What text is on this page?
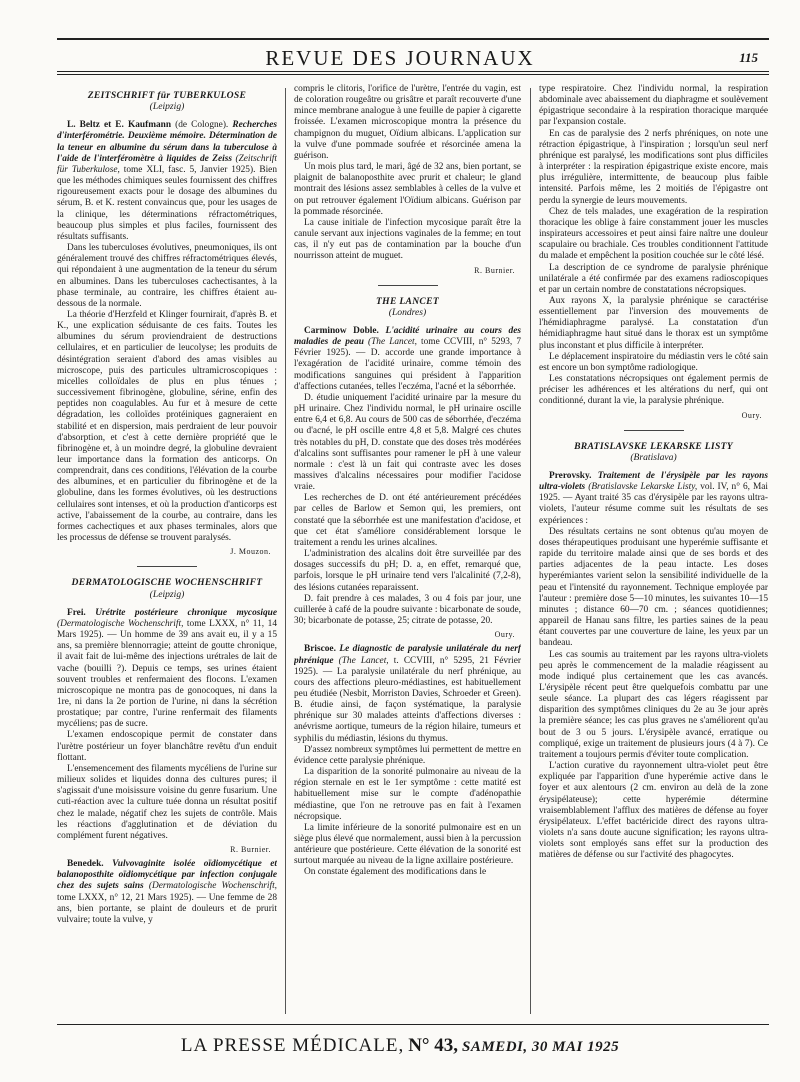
REVUE DES JOURNAUX	115
ZEITSCHRIFT für TUBERKULOSE
(Leipzig)

L. Beltz et E. Kaufmann (de Cologne). Recherches d'interférométrie. Deuxième mémoire. Détermination de la teneur en albumine du sérum dans la tuberculose à l'aide de l'interféromètre à liquides de Zeiss (Zeitschrift für Tuberkulose, tome XLI, fasc. 5, Janvier 1925). Bien que les méthodes chimiques seules fournissent des chiffres rigoureusement exacts pour le dosage des albumines du sérum, B. et K. restent convaincus que, pour les usages de la clinique, les déterminations réfractométriques, beaucoup plus simples et plus faciles, fournissent des résultats suffisants.

Dans les tuberculoses évolutives, pneumoniques, ils ont généralement trouvé des chiffres réfractométriques élevés, qui répondaient à une augmentation de la teneur du sérum en albumines. Dans les tuberculoses cachectisantes, à la phase terminale, au contraire, les chiffres étaient au-dessous de la normale.

La théorie d'Herzfeld et Klinger fournirait, d'après B. et K., une explication séduisante de ces faits. Toutes les albumines du sérum proviendraient de destructions cellulaires, et en particulier de leucolyse; les produits de désintégration seraient d'abord des amas visibles au microscope, puis des particules ultramicroscopiques : micelles colloïdales de plus en plus ténues ; successivement fibrinogène, globuline, sérine, enfin des peptides non coagulables. Au fur et à mesure de cette dégradation, les colloïdes protéiniques gagneraient en stabilité et en dispersion, mais perdraient de leur pouvoir d'absorption, et c'est à cette dernière propriété que le fibrinogène et, à un moindre degré, la globuline devraient leur importance dans la formation des anticorps. On comprendrait, dans ces conditions, l'élévation de la courbe des albumines, et en particulier du fibrinogène et de la globuline, dans les formes évolutives, où les destructions cellulaires sont intenses, et où la production d'anticorps est active, l'abaissement de la courbe, au contraire, dans les formes cachectiques et aux phases terminales, alors que les processus de défense se trouvent paralysés.

J. Mouzon.
DERMATOLOGISCHE WOCHENSCHRIFT
(Leipzig)

Frei. Urétrite postérieure chronique mycosique (Dermatologische Wochenschrift, tome LXXX, n° 11, 14 Mars 1925). — Un homme de 39 ans avait eu, il y a 15 ans, sa première blennorragie; atteint de goutte chronique, il avait fait de lui-même des injections urétrales de lait de vache (bouilli ?). Depuis ce temps, ses urines étaient souvent troubles et renfermaient des flocons. L'examen microscopique ne montra pas de gonocoques, ni dans la 1re, ni dans la 2e portion de l'urine, ni dans la sécrétion prostatique; par contre, l'urine renfermait des filaments mycéliens; pas de sucre.

L'examen endoscopique permit de constater dans l'urètre postérieur un foyer blanchâtre revêtu d'un enduit flottant.

L'ensemencement des filaments mycéliens de l'urine sur milieux solides et liquides donna des cultures pures; il s'agissait d'une moisissure voisine du genre fusarium. Une cuti-réaction avec la culture tuée donna un résultat positif chez le malade, négatif chez les sujets de contrôle. Mais les réactions d'agglutination et de déviation du complément furent négatives.

R. Burnier.

Benedek. Vulvovaginite isolée oïdiomycétique et balanoposthite oïdiomycétique par infection conjugale chez des sujets sains (Dermatologische Wochenschrift, tome LXXX, n° 12, 21 Mars 1925). — Une femme de 28 ans, bien portante, se plaint de douleurs et de prurit vulvaire; toute la vulve, y

compris le clitoris, l'orifice de l'urètre, l'entrée du vagin, est de coloration rougeâtre ou grisâtre et paraît recouverte d'une mince membrane analogue à une feuille de papier à cigarette froissée. L'examen microscopique montra la présence du champignon du muguet, Oïdium albicans. L'application sur la vulve d'une pommade soufrée et résorcinée amena la guérison.

Un mois plus tard, le mari, âgé de 32 ans, bien portant, se plaignit de balanoposthite avec prurit et chaleur; le gland montrait des lésions assez semblables à celles de la vulve et on put retrouver également l'Oïdium albicans. Guérison par la pommade résorcinée.

La cause initiale de l'infection mycosique paraît être la canule servant aux injections vaginales de la femme; en tout cas, il n'y eut pas de contamination par la bouche d'un nourrisson atteint de muguet.

R. Burnier.
THE LANCET
(Londres)

Carminow Doble. L'acidité urinaire au cours des maladies de peau (The Lancet, tome CCVIII, n° 5293, 7 Février 1925). — D. accorde une grande importance à l'exagération de l'acidité urinaire, comme témoin des modifications sanguines qui président à l'apparition d'affections cutanées, telles l'eczéma, l'acné et la séborrhée.

D. étudie uniquement l'acidité urinaire par la mesure du pH urinaire. Chez l'individu normal, le pH urinaire oscille entre 6,4 et 6,8. Au cours de 500 cas de séborrhée, d'eczéma ou d'acné, le pH oscille entre 4,8 et 5,8. Malgré ces chutes très notables du pH, D. constate que des doses très modérées d'alcalins sont suffisantes pour ramener le pH à une valeur normale : c'est là un fait qui contraste avec les doses massives d'alcalins nécessaires pour modifier l'acidose vraie.

Les recherches de D. ont été antérieurement précédées par celles de Barlow et Semon qui, les premiers, ont constaté que la séborrhée est une manifestation d'acidose, et que cet état s'améliore considérablement lorsque le traitement a rendu les urines alcalines.

L'administration des alcalins doit être surveillée par des dosages successifs du pH; D. a, en effet, remarqué que, parfois, lorsque le pH urinaire tend vers l'alcalinité (7,2-8), des lésions cutanées reparaissent.

D. fait prendre à ces malades, 3 ou 4 fois par jour, une cuillerée à café de la poudre suivante : bicarbonate de soude, 30; bicarbonate de potasse, 25; citrate de potasse, 20.

Oury.

Briscoe. Le diagnostic de paralysie unilatérale du nerf phrénique (The Lancet, t. CCVIII, n° 5295, 21 Février 1925). — La paralysie unilatérale du nerf phrénique, au cours des affections pleuro-médiastines, est habituellement peu étudiée (Nesbit, Morriston Davies, Schroeder et Green). B. étudie ainsi, de façon systématique, la paralysie phrénique sur 30 malades atteints d'affections diverses : anévrisme aortique, tumeurs de la région hilaire, tumeurs et syphilis du médiastin, lésions du thymus.

D'assez nombreux symptômes lui permettent de mettre en évidence cette paralysie phrénique.

La disparition de la sonorité pulmonaire au niveau de la région sternale en est le 1er symptôme : cette matité est habituellement mise sur le compte d'adénopathie médiastine, que l'on ne retrouve pas en fait à l'examen nécropsique.

La limite inférieure de la sonorité pulmonaire est en un siège plus élevé que normalement, aussi bien à la percussion antérieure que postérieure. Cette élévation de la sonorité est surtout marquée au niveau de la ligne axillaire postérieure.

On constate également des modifications dans le

type respiratoire. Chez l'individu normal, la respiration abdominale avec abaissement du diaphragme et soulèvement épigastrique secondaire à la respiration thoracique marquée par l'expansion costale.

En cas de paralysie des 2 nerfs phréniques, on note une rétraction épigastrique, à l'inspiration ; lorsqu'un seul nerf phrénique est paralysé, les modifications sont plus difficiles à interpréter : la respiration épigastrique existe encore, mais plus irrégulière, intermittente, de beaucoup plus faible intensité. Parfois même, les 2 moitiés de l'épigastre ont perdu la synergie de leurs mouvements.

Chez de tels malades, une exagération de la respiration thoracique les oblige à faire constamment jouer les muscles inspirateurs accessoires et peut ainsi faire naître une douleur scapulaire ou brachiale. Ces troubles conditionnent l'attitude du malade et empêchent la position couchée sur le côté lésé.

La description de ce syndrome de paralysie phrénique unilatérale a été confirmée par des examens radioscopiques et par un certain nombre de constatations nécropsiques.

Aux rayons X, la paralysie phrénique se caractérise essentiellement par l'inversion des mouvements de l'hémidiaphragme paralysé. La constatation d'un hémidiaphragme haut situé dans le thorax est un symptôme plus inconstant et plus difficile à interpréter.

Le déplacement inspiratoire du médiastin vers le côté sain est encore un bon symptôme radiologique.

Les constatations nécropsiques ont également permis de préciser les adhérences et les altérations du nerf, qui ont conditionné, durant la vie, la paralysie phrénique.

Oury.
BRATISLAVSKE LEKARSKE LISTY
(Bratislava)

Prerovsky. Traitement de l'érysipèle par les rayons ultra-violets (Bratislavske Lekarske Listy, vol. IV, n° 6, Mai 1925. — Ayant traité 35 cas d'érysipèle par les rayons ultra-violets, l'auteur résume comme suit les résultats de ses expériences :

Des résultats certains ne sont obtenus qu'au moyen de doses thérapeutiques produisant une hyperémie suffisante et rapide du territoire malade ainsi que de ses bords et des parties adjacentes de la peau intacte. Les doses hyperémiantes varient selon la sensibilité individuelle de la peau et l'intensité du rayonnement. Technique employée par l'auteur : première dose 5—10 minutes, les suivantes 10—15 minutes ; distance 60—70 cm. ; séances quotidiennes; appareil de Hanau sans filtre, les parties saines de la peau étant couvertes par une couverture de laine, les yeux par un bandeau.

Les cas soumis au traitement par les rayons ultra-violets peu après le commencement de la maladie réagissent au mode indiqué plus certainement que les cas avancés. L'érysipèle récent peut être quelquefois combattu par une seule séance. La plupart des cas légers réagissent par disparition des symptômes cliniques du 2e au 3e jour après la première séance; les cas plus graves ne s'améliorent qu'au bout de 3 ou 5 jours. L'érysipèle avancé, erratique ou compliqué, exige un traitement de plusieurs jours (4 à 7). Ce traitement a toujours permis d'éviter toute complication.

L'action curative du rayonnement ultra-violet peut être expliquée par l'apparition d'une hyperémie active dans le foyer et aux alentours (2 cm. environ au delà de la zone érysipélateuse); cette hyperémie détermine vraisemblablement l'afflux des matières de défense au foyer érysipélateux. L'effet bactéricide direct des rayons ultra-violets n'a sans doute aucune signification; les rayons ultra-violets sont employés sans effet sur la production des matières de défense ou sur l'activité des phagocytes.

LA PRESSE MÉDICALE, N° 43, SAMEDI, 30 MAI 1925
